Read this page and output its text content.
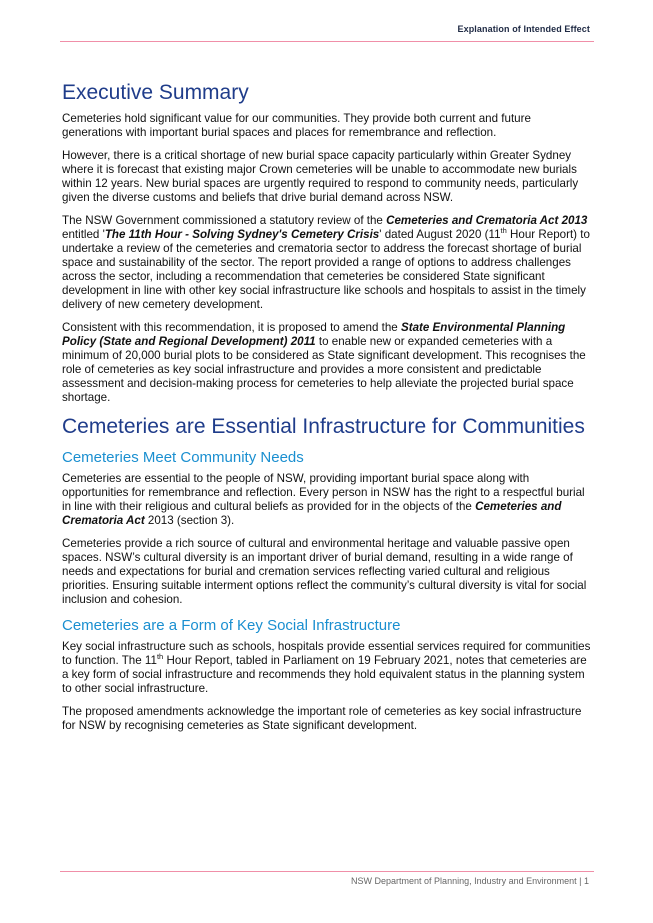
Explanation of Intended Effect
Executive Summary

Cemeteries hold significant value for our communities. They provide both current and future generations with important burial spaces and places for remembrance and reflection.

However, there is a critical shortage of new burial space capacity particularly within Greater Sydney where it is forecast that existing major Crown cemeteries will be unable to accommodate new burials within 12 years. New burial spaces are urgently required to respond to community needs, particularly given the diverse customs and beliefs that drive burial demand across NSW.

The NSW Government commissioned a statutory review of the Cemeteries and Crematoria Act 2013 entitled 'The 11th Hour - Solving Sydney's Cemetery Crisis' dated August 2020 (11th Hour Report) to undertake a review of the cemeteries and crematoria sector to address the forecast shortage of burial space and sustainability of the sector. The report provided a range of options to address challenges across the sector, including a recommendation that cemeteries be considered State significant development in line with other key social infrastructure like schools and hospitals to assist in the timely delivery of new cemetery development.

Consistent with this recommendation, it is proposed to amend the State Environmental Planning Policy (State and Regional Development) 2011 to enable new or expanded cemeteries with a minimum of 20,000 burial plots to be considered as State significant development. This recognises the role of cemeteries as key social infrastructure and provides a more consistent and predictable assessment and decision-making process for cemeteries to help alleviate the projected burial space shortage.

Cemeteries are Essential Infrastructure for Communities
Cemeteries Meet Community Needs

Cemeteries are essential to the people of NSW, providing important burial space along with opportunities for remembrance and reflection. Every person in NSW has the right to a respectful burial in line with their religious and cultural beliefs as provided for in the objects of the Cemeteries and Crematoria Act 2013 (section 3).

Cemeteries provide a rich source of cultural and environmental heritage and valuable passive open spaces. NSW’s cultural diversity is an important driver of burial demand, resulting in a wide range of needs and expectations for burial and cremation services reflecting varied cultural and religious priorities. Ensuring suitable interment options reflect the community’s cultural diversity is vital for social inclusion and cohesion.

Cemeteries are a Form of Key Social Infrastructure

Key social infrastructure such as schools, hospitals provide essential services required for communities to function. The 11th Hour Report, tabled in Parliament on 19 February 2021, notes that cemeteries are a key form of social infrastructure and recommends they hold equivalent status in the planning system to other social infrastructure.

The proposed amendments acknowledge the important role of cemeteries as key social infrastructure for NSW by recognising cemeteries as State significant development.

NSW Department of Planning, Industry and Environment | 1
